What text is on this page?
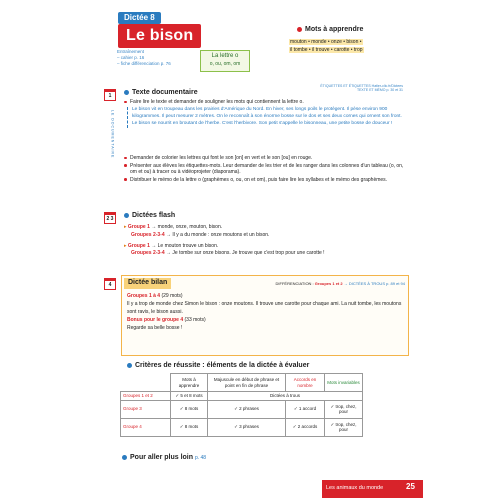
Dictée 8
Le bison
Entraînement
– cahier p. 16
– fiche différenciation p. 76
La lettre o
o, ou, om, om
Mots à apprendre
mouton • monde • onze • bison •
il tombe • il trouve • carotte • trop
1	Texte documentaire
ÉTIQUETTES ET ÉTIQUETTES Hatier-clic.fr/Dictees
TEXTE ET MÉMO p. 30 et 31
Faire lire le texte et demander de souligner les mots qui contiennent la lettre o.
LE DOCUMENTAIRE
Le bison vit en troupeau dans les prairies d'Amérique du Nord. En hiver, ses longs poils le protègent. Il pèse environ 900 kilogrammes. Il peut mesurer 2 mètres. On le reconnaît à son énorme bosse sur le dos et ses deux cornes qui ornent son front. Le bison se nourrit en broutant de l'herbe. C'est l'herbivore. Son petit s'appelle le bisonneau, une petite bosse de douceur !
Demander de colorier les lettres qui font le son [on] en vert et le son [ou] en rouge.
Présenter aux élèves les étiquettes-mots. Leur demander de les trier et de les ranger dans les colonnes d'un tableau (o, on, om et ou) à tracer ou à vidéoprojeter (diaporama).
Distribuer le mémo de la lettre o (graphèmes o, ou, on et om), puis faire lire les syllabes et le mémo des graphèmes.
2 3	Dictées flash
▸ Groupe 1 → monde, onze, mouton, bison.
Groupes 2-3-4 → Il y a du monde : onze moutons et un bison.
▸ Groupe 1 → Le mouton trouve un bison.
Groupes 2-3-4 → Je tombe sur onze bisons. Je trouve que c'est trop pour une carotte !
4	Dictée bilan	DIFFÉRENCIATION : Groupes 1 et 2 → DICTÉES À TROUS p. 89 et 94
Groupes 1 à 4 (29 mots)
Il y a trop de monde chez Simon le bison : onze moutons. Il trouve une carotte pour chaque ami. La nuit tombe, les moutons sont ravis, le bison aussi.
Bonus pour le groupe 4 (33 mots)
Regarde sa belle bosse !
Critères de réussite : éléments de la dictée à évaluer
	Mots à apprendre	Majuscule en début de phrase et point en fin de phrase	Accords en nombre	Mots invariables
Groupes 1 et 2	✓ 5 et 8 mots	Dictées à trous		
Groupe 3	✓ 8 mots	✓ 2 phrases	✓ 1 accord	✓ trop, chez, pour
Groupe 4	✓ 8 mots	✓ 3 phrases	✓ 2 accords	✓ trop, chez, pour
Pour aller plus loin p. 48
Les animaux du monde	25
